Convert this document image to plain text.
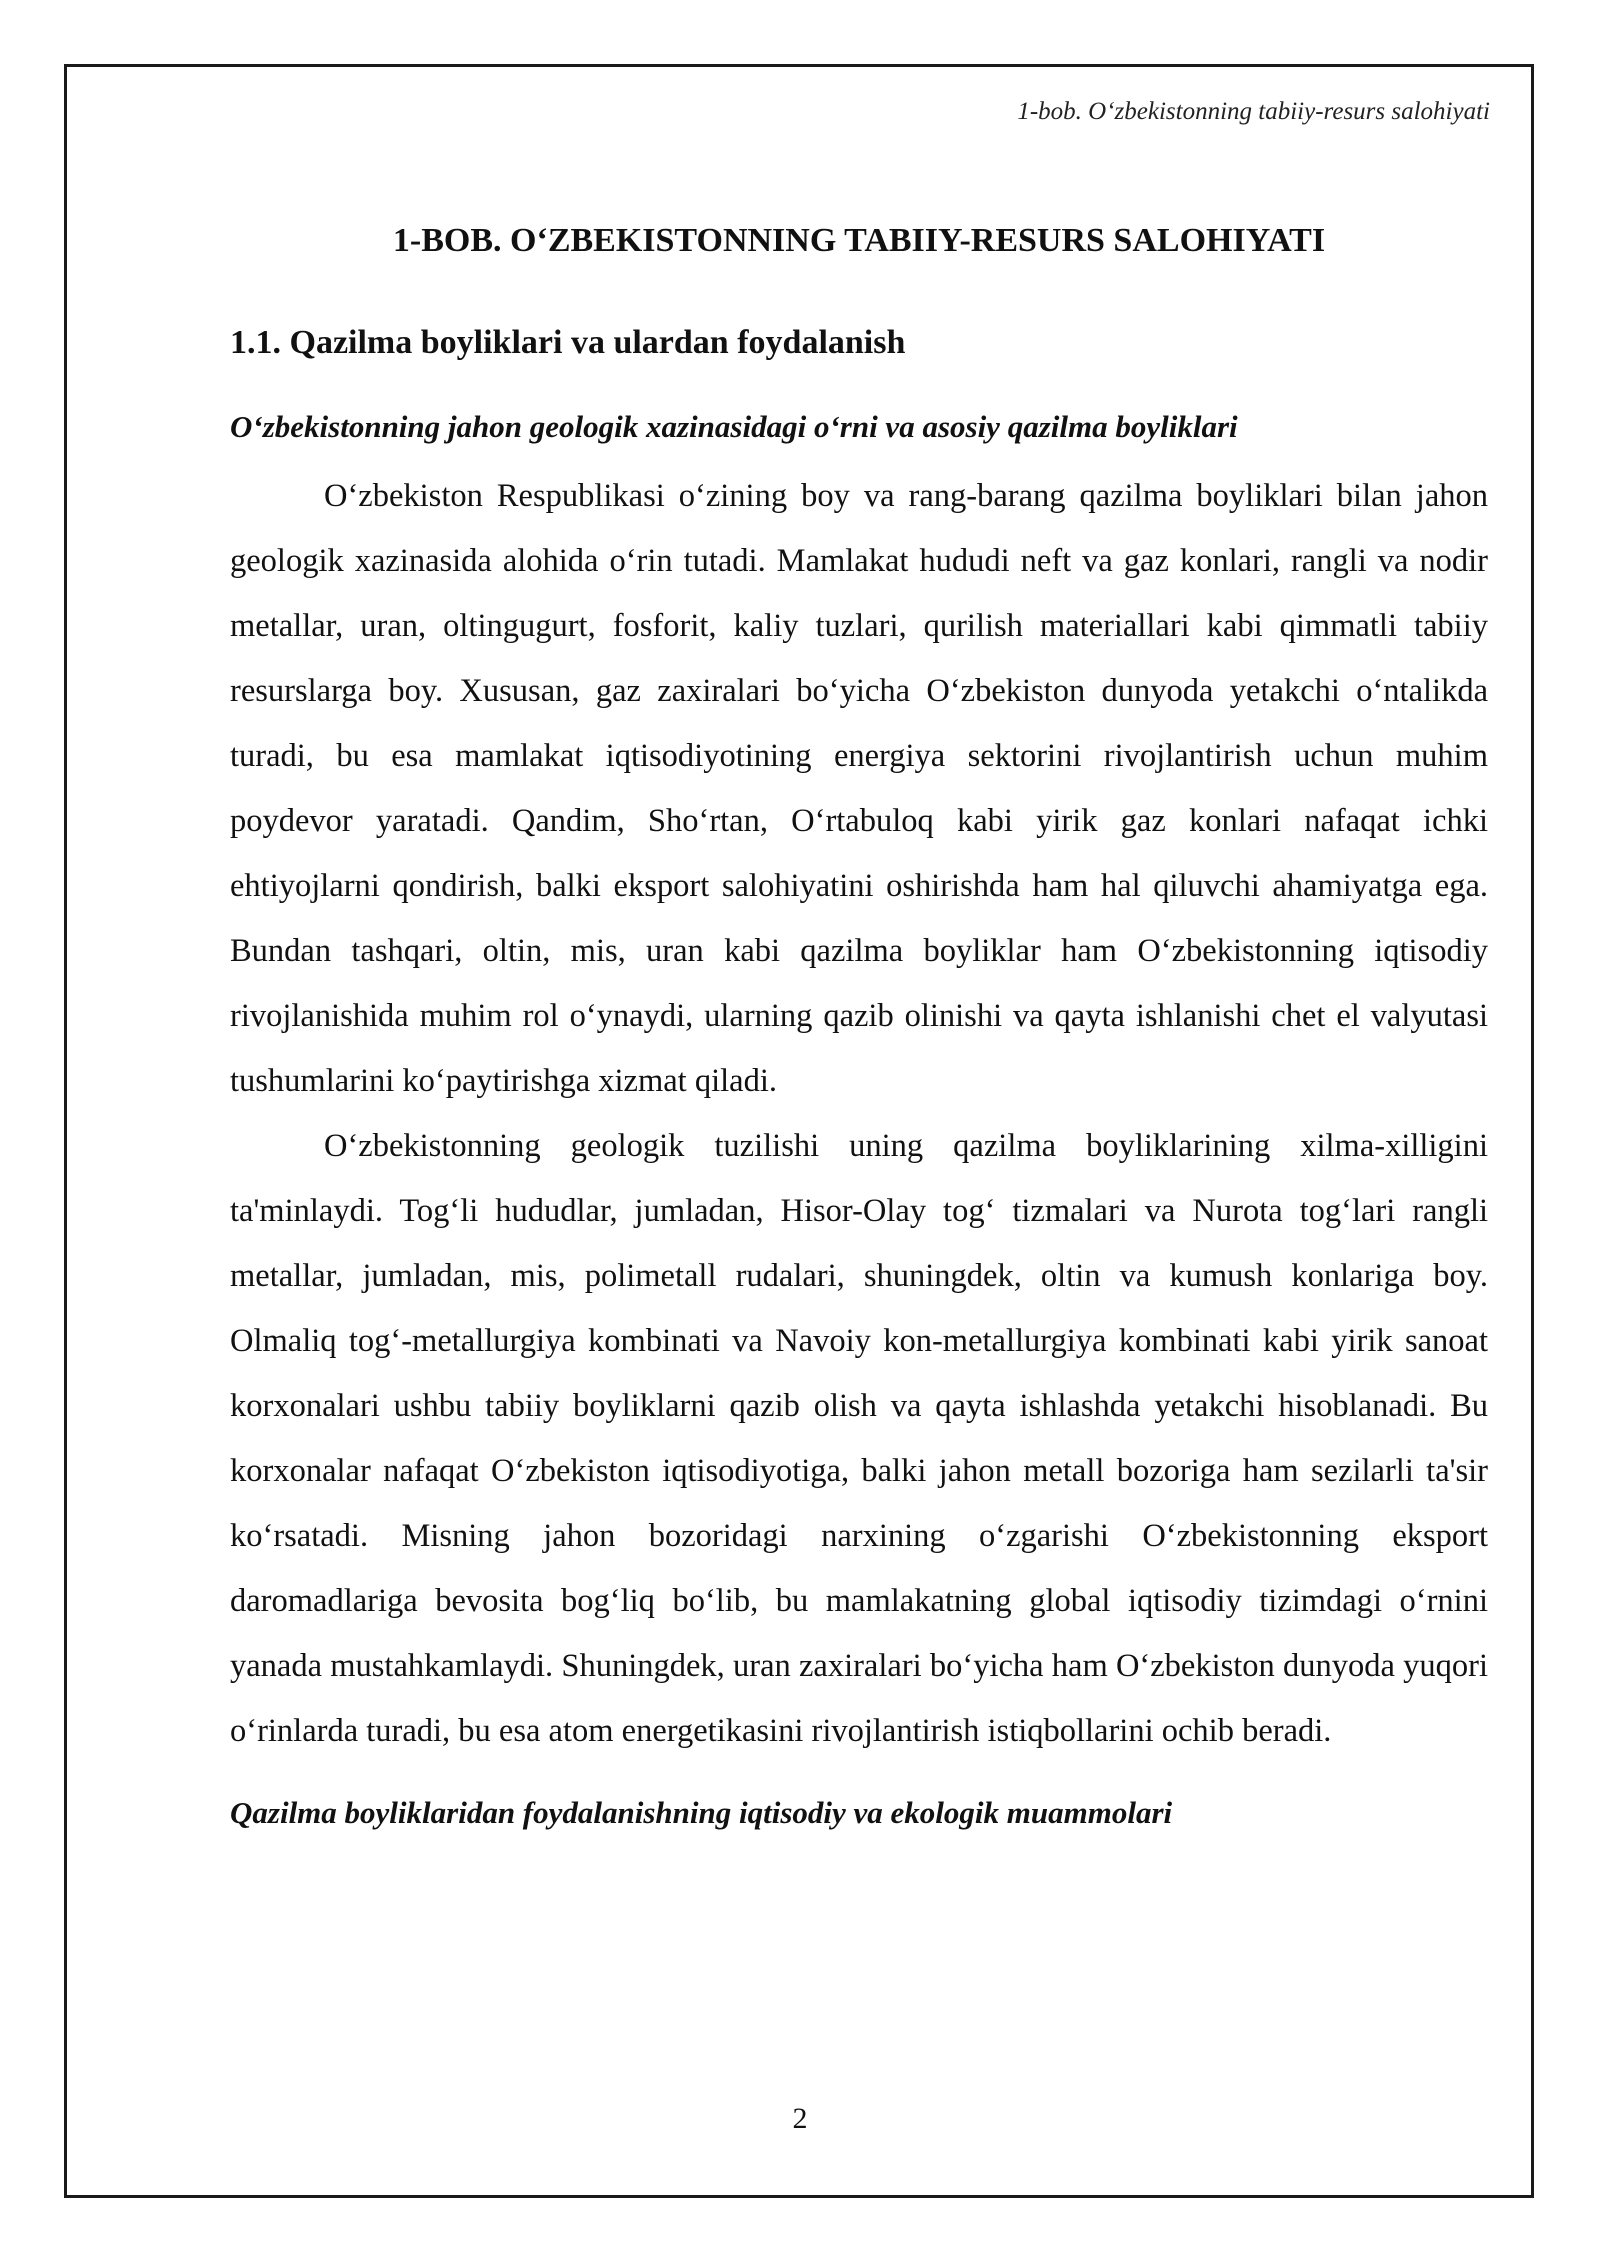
1-bob. O‘zbekistonning tabiiy-resurs salohiyati
1-BOB. O‘ZBEKISTONNING TABIIY-RESURS SALOHIYATI
1.1. Qazilma boyliklari va ulardan foydalanish
O‘zbekistonning jahon geologik xazinasidagi o‘rni va asosiy qazilma boyliklari

O‘zbekiston Respublikasi o‘zining boy va rang-barang qazilma boyliklari bilan jahon geologik xazinasida alohida o‘rin tutadi. Mamlakat hududi neft va gaz konlari, rangli va nodir metallar, uran, oltingugurt, fosforit, kaliy tuzlari, qurilish materiallari kabi qimmatli tabiiy resurslarga boy. Xususan, gaz zaxiralari bo‘yicha O‘zbekiston dunyoda yetakchi o‘ntalikda turadi, bu esa mamlakat iqtisodiyotining energiya sektorini rivojlantirish uchun muhim poydevor yaratadi. Qandim, Sho‘rtan, O‘rtabuloq kabi yirik gaz konlari nafaqat ichki ehtiyojlarni qondirish, balki eksport salohiyatini oshirishda ham hal qiluvchi ahamiyatga ega. Bundan tashqari, oltin, mis, uran kabi qazilma boyliklar ham O‘zbekistonning iqtisodiy rivojlanishida muhim rol o‘ynaydi, ularning qazib olinishi va qayta ishlanishi chet el valyutasi tushumlarini ko‘paytirishga xizmat qiladi.

O‘zbekistonning geologik tuzilishi uning qazilma boyliklarining xilma-xilligini ta'minlaydi. Tog‘li hududlar, jumladan, Hisor-Olay tog‘ tizmalari va Nurota tog‘lari rangli metallar, jumladan, mis, polimetall rudalari, shuningdek, oltin va kumush konlariga boy. Olmaliq tog‘-metallurgiya kombinati va Navoiy kon-metallurgiya kombinati kabi yirik sanoat korxonalari ushbu tabiiy boyliklarni qazib olish va qayta ishlashda yetakchi hisoblanadi. Bu korxonalar nafaqat O‘zbekiston iqtisodiyotiga, balki jahon metall bozoriga ham sezilarli ta'sir ko‘rsatadi. Misning jahon bozoridagi narxining o‘zgarishi O‘zbekistonning eksport daromadlariga bevosita bog‘liq bo‘lib, bu mamlakatning global iqtisodiy tizimdagi o‘rnini yanada mustahkamlaydi. Shuningdek, uran zaxiralari bo‘yicha ham O‘zbekiston dunyoda yuqori o‘rinlarda turadi, bu esa atom energetikasini rivojlantirish istiqbollarini ochib beradi.

Qazilma boyliklaridan foydalanishning iqtisodiy va ekologik muammolari
2
